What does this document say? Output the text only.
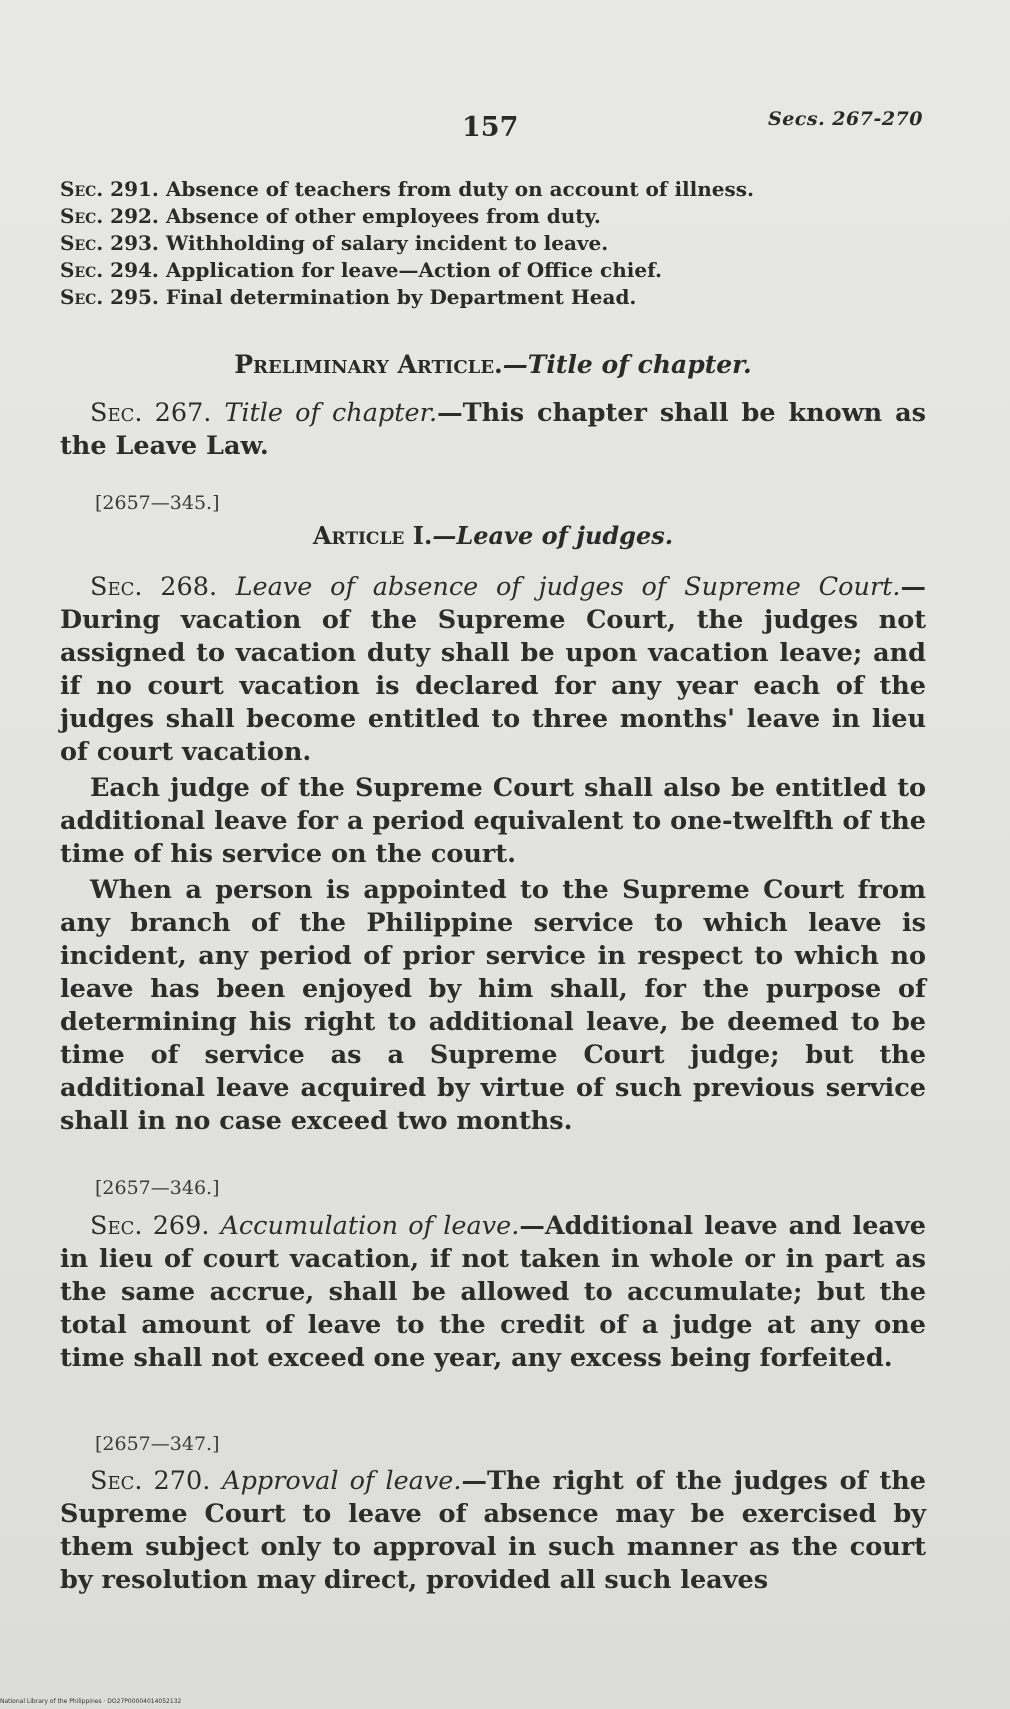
157	Secs. 267-270
Sec. 291. Absence of teachers from duty on account of illness.
Sec. 292. Absence of other employees from duty.
Sec. 293. Withholding of salary incident to leave.
Sec. 294. Application for leave—Action of Office chief.
Sec. 295. Final determination by Department Head.
Preliminary Article.—Title of chapter.

Sec. 267. Title of chapter.—This chapter shall be known as the Leave Law.

[2657—345.]
Article I.—Leave of judges.

Sec. 268. Leave of absence of judges of Supreme Court.—During vacation of the Supreme Court, the judges not assigned to vacation duty shall be upon vacation leave; and if no court vacation is declared for any year each of the judges shall become entitled to three months' leave in lieu of court vacation.

Each judge of the Supreme Court shall also be entitled to additional leave for a period equivalent to one-twelfth of the time of his service on the court.

When a person is appointed to the Supreme Court from any branch of the Philippine service to which leave is incident, any period of prior service in respect to which no leave has been enjoyed by him shall, for the purpose of determining his right to additional leave, be deemed to be time of service as a Supreme Court judge; but the additional leave acquired by virtue of such previous service shall in no case exceed two months.

[2657—346.]

Sec. 269. Accumulation of leave.—Additional leave and leave in lieu of court vacation, if not taken in whole or in part as the same accrue, shall be allowed to accumulate; but the total amount of leave to the credit of a judge at any one time shall not exceed one year, any excess being forfeited.

[2657—347.]

Sec. 270. Approval of leave.—The right of the judges of the Supreme Court to leave of absence may be exercised by them subject only to approval in such manner as the court by resolution may direct, provided all such leaves

National Library of the Philippines · DO27P00004014052132
